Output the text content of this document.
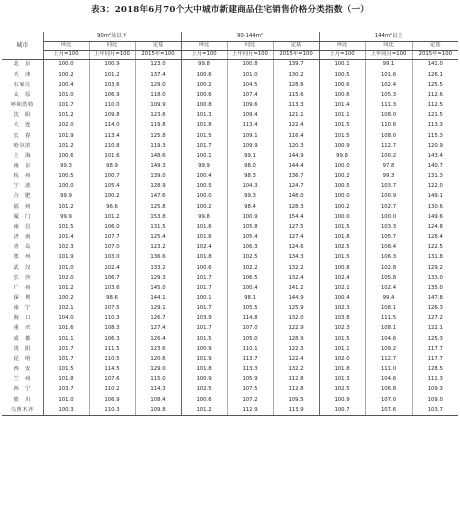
表3：2018年6月70个大中城市新建商品住宅销售价格分类指数（一）
城市	90m²及以下			90-144m²			144m²以上		
	环比	同比	定基	环比	同比	定基	环比	同比	定基
	上月=100	上年同月=100	2015年=100	上月=100	上年同月=100	2015年=100	上月=100	上年同月=100	2015年=100
北　京	100.0	100.9	123.0	99.8	100.8	139.7	100.1	99.1	141.0
天　津	100.2	101.2	137.4	100.6	101.0	130.2	100.5	101.6	126.1
石家庄	100.4	103.6	129.0	100.2	104.5	128.6	100.6	102.4	125.5
太　原	101.0	106.9	118.0	100.6	107.4	115.6	100.6	105.3	112.6
呼和浩特	101.7	110.0	109.9	100.8	109.6	113.3	101.4	111.3	112.5
沈　阳	101.2	109.8	123.6	101.3	109.4	121.1	101.1	108.0	121.5
大　连	102.0	114.0	119.8	101.8	113.4	122.4	101.5	110.6	113.3
长　春	101.9	113.4	125.8	101.5	109.1	116.4	101.5	108.0	115.3
哈尔滨	101.2	110.8	119.3	101.7	109.9	120.3	100.9	112.7	120.9
上　海	100.6	101.6	148.6	100.1	99.1	144.9	99.8	100.2	143.4
南　京	99.3	98.9	149.3	99.9	98.0	144.4	100.0	97.8	140.7
杭　州	100.5	100.7	139.0	100.4	98.3	136.7	100.2	99.3	131.3
宁　波	100.0	105.4	128.9	100.5	104.3	124.7	100.5	103.7	122.0
合　肥	99.9	100.2	147.6	100.0	99.3	148.0	100.0	100.9	149.1
福　州	101.2	96.6	125.8	100.2	98.4	128.3	100.2	102.7	130.6
厦　门	99.9	101.2	153.8	99.8	100.9	154.4	100.0	100.0	149.6
南　昌	101.5	106.0	131.5	101.6	105.8	127.5	101.5	103.3	124.8
济　南	101.4	107.7	125.4	101.6	105.4	127.4	101.8	105.7	128.4
青　岛	102.3	107.0	123.2	102.4	106.3	124.6	102.5	108.4	122.5
郑　州	101.9	103.0	136.6	101.8	102.5	134.3	101.5	106.3	131.8
武　汉	101.0	102.4	133.2	100.6	102.2	132.2	100.8	102.8	129.2
长　沙	102.0	106.7	129.3	101.7	106.5	132.4	102.4	105.8	133.0
广　州	101.2	103.6	145.0	101.7	100.4	141.2	102.1	102.4	135.0
深　圳	100.2	98.6	144.1	100.1	98.1	144.9	100.4	99.4	147.8
南　宁	102.1	107.5	129.1	101.7	105.5	125.9	102.3	108.1	126.3
海　口	104.0	110.3	126.7	103.9	114.8	132.0	103.8	111.5	127.2
重　庆	101.6	108.3	127.4	101.7	107.0	122.9	102.3	108.1	122.1
成　都	101.1	106.3	126.4	101.5	105.0	128.9	101.5	104.6	125.3
贵　阳	101.7	111.5	123.6	100.9	110.1	122.3	101.1	109.2	117.7
昆　明	101.7	110.5	120.6	101.9	113.7	122.4	102.0	112.7	117.7
西　安	101.5	114.5	129.0	101.8	113.3	132.2	101.8	111.0	128.5
兰　州	101.8	107.6	115.0	100.9	105.9	112.8	101.3	104.6	111.3
西　宁	103.7	110.2	114.3	102.5	107.5	112.8	102.5	106.8	109.3
银　川	101.0	106.9	108.4	100.6	107.2	109.5	100.9	107.0	109.0
乌鲁木齐	100.3	110.3	109.8	101.2	112.9	113.9	100.7	107.6	103.7
